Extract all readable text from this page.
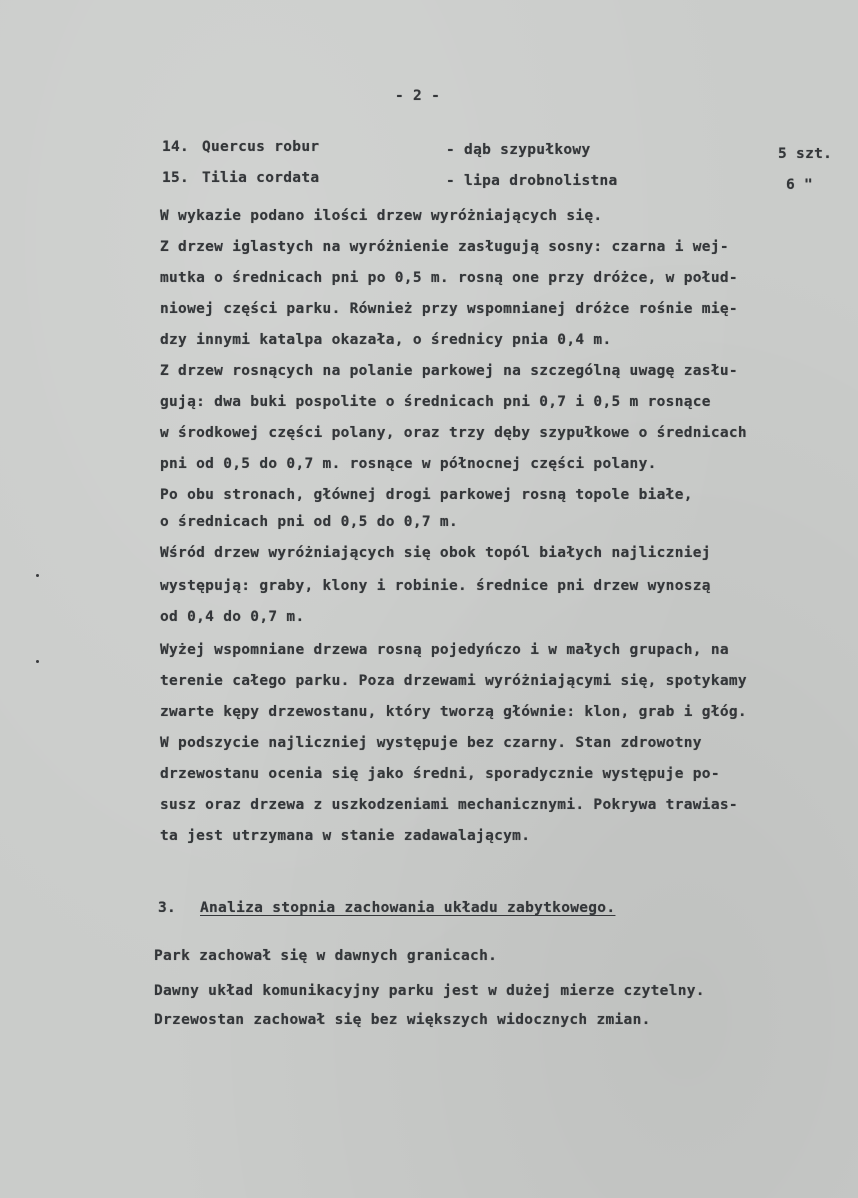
- 2 -
14. Quercus robur	- dąb szypułkowy	5 szt.
15. Tilia cordata	- lipa drobnolistna	6 "
W wykazie podano ilości drzew wyróżniających się.
Z drzew iglastych na wyróżnienie zasługują sosny: czarna i wej-
mutka o średnicach pni po 0,5 m. rosną one przy dróżce, w połud-
niowej części parku. Również przy wspomnianej dróżce rośnie mię-
dzy innymi katalpa okazała, o średnicy pnia 0,4 m.
Z drzew rosnących na polanie parkowej na szczególną uwagę zasłu-
gują: dwa buki pospolite o średnicach pni 0,7 i 0,5 m rosnące
w środkowej części polany, oraz trzy dęby szypułkowe o średnicach
pni od 0,5 do 0,7 m. rosnące w północnej części polany.
Po obu stronach, głównej drogi parkowej rosną topole białe,
o średnicach pni od 0,5 do 0,7 m.
Wśród drzew wyróżniających się obok topól białych najliczniej
występują: graby, klony i robinie. średnice pni drzew wynoszą
od 0,4 do 0,7 m.
Wyżej wspomniane drzewa rosną pojedyńczo i w małych grupach, na
terenie całego parku. Poza drzewami wyróżniającymi się, spotykamy
zwarte kępy drzewostanu, który tworzą głównie: klon, grab i głóg.
W podszycie najliczniej występuje bez czarny. Stan zdrowotny
drzewostanu ocenia się jako średni, sporadycznie występuje po-
susz oraz drzewa z uszkodzeniami mechanicznymi. Pokrywa trawias-
ta jest utrzymana w stanie zadawalającym.
3. Analiza stopnia zachowania układu zabytkowego.
Park zachował się w dawnych granicach.
Dawny układ komunikacyjny parku jest w dużej mierze czytelny.
Drzewostan zachował się bez większych widocznych zmian.
